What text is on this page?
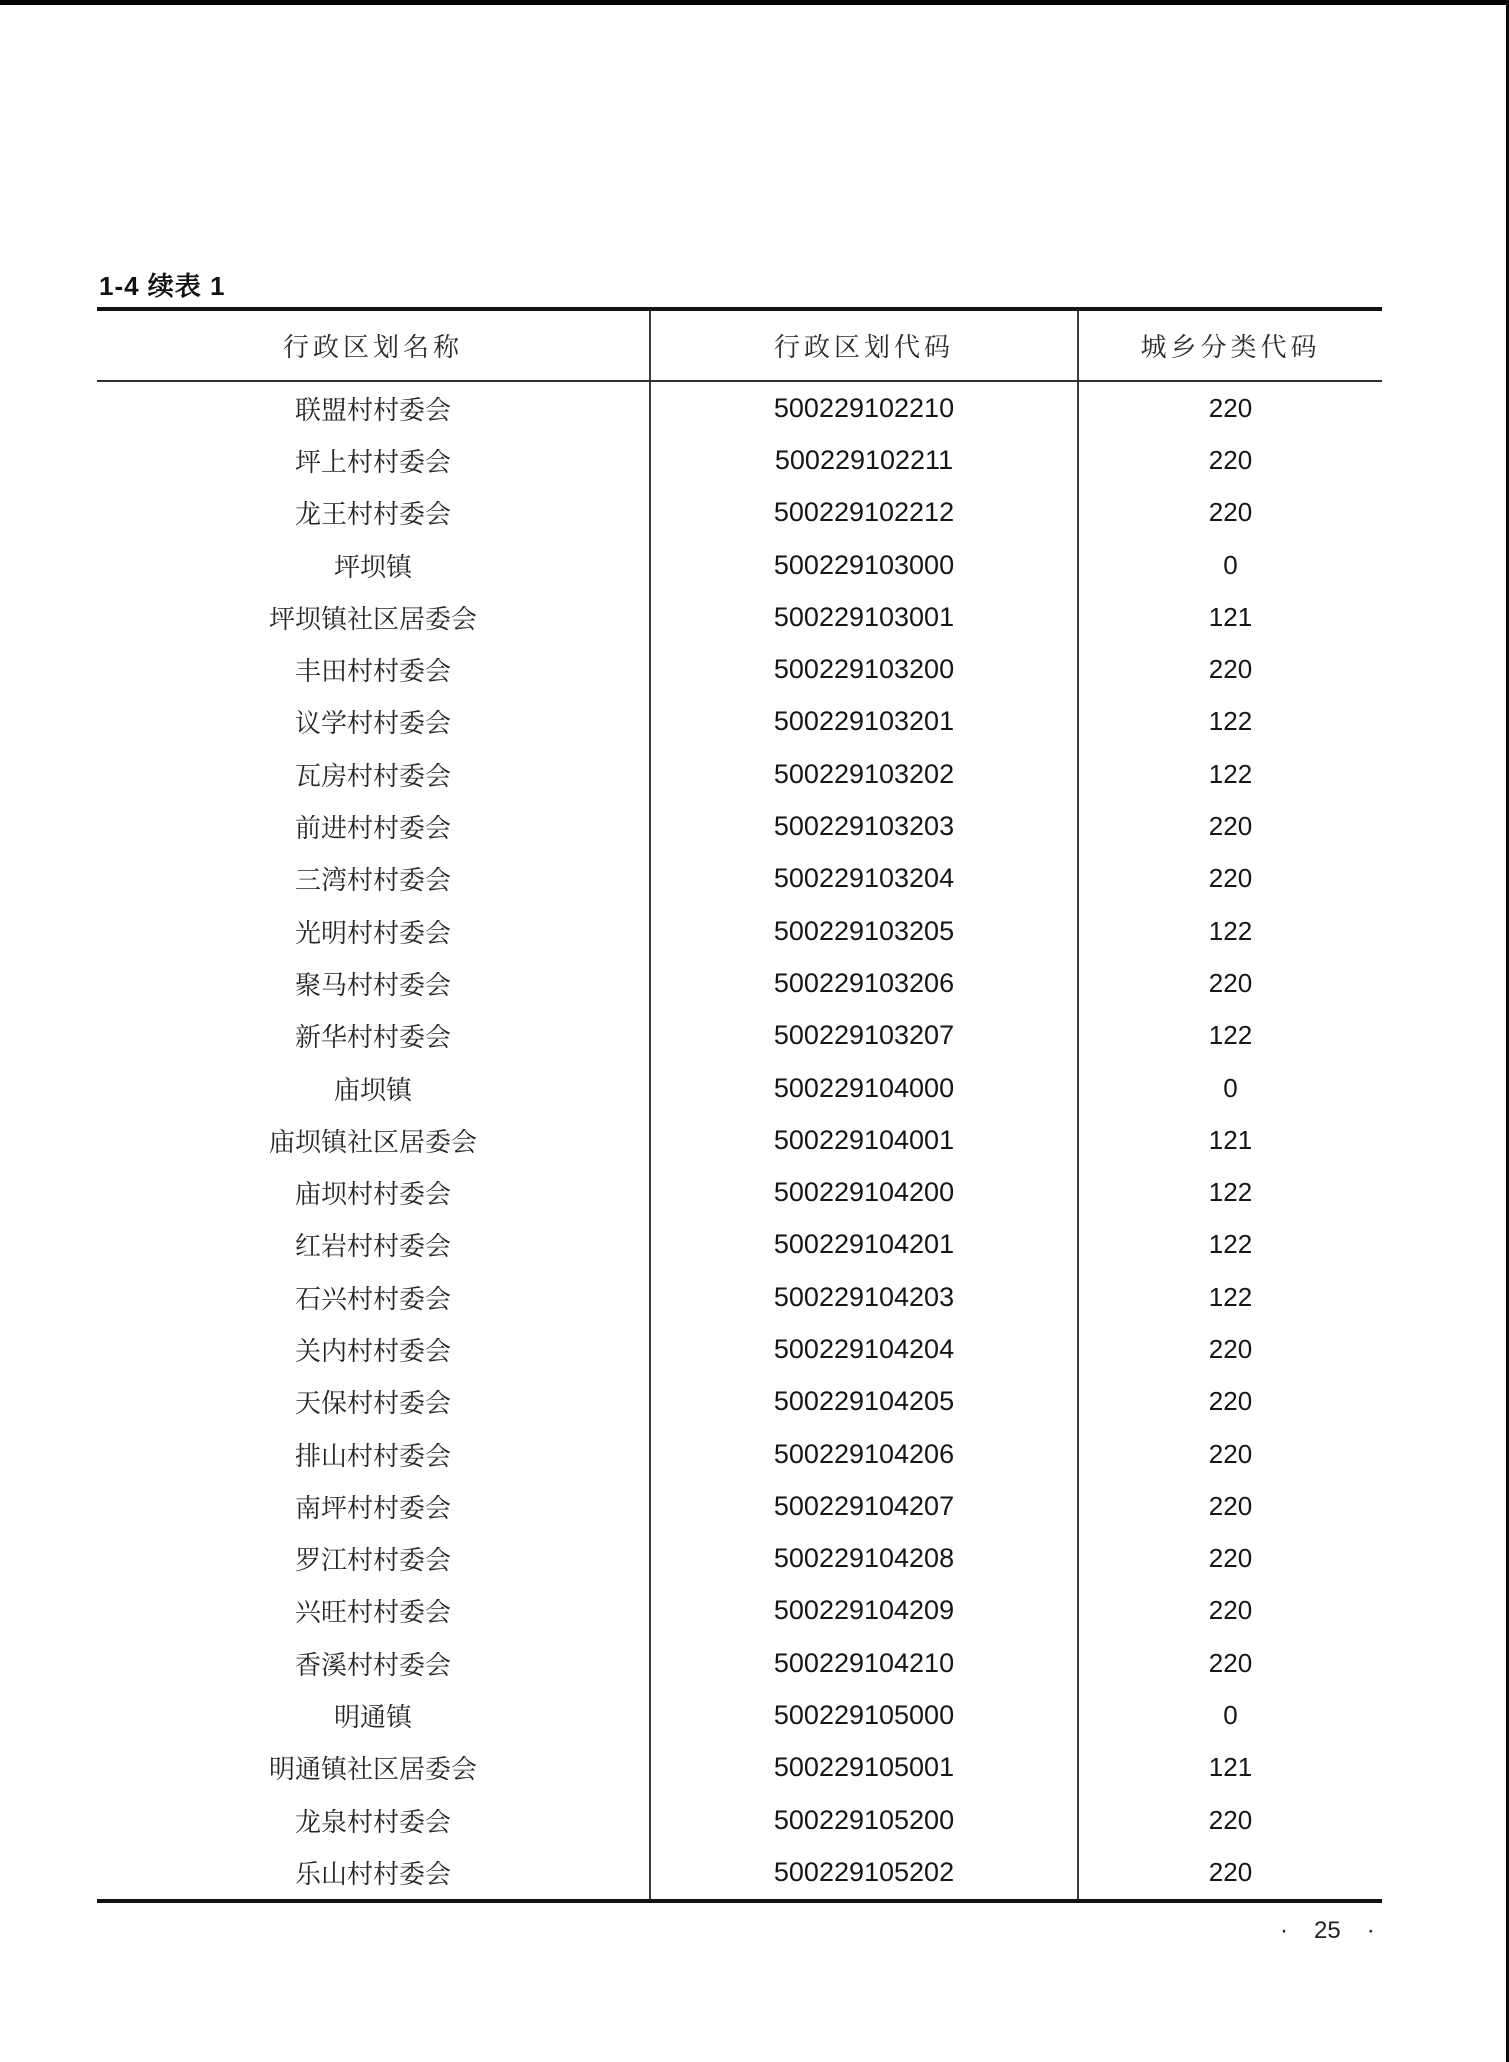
1-4 续表 1
行政区划名称	行政区划代码	城乡分类代码
联盟村村委会	500229102210	220
坪上村村委会	500229102211	220
龙王村村委会	500229102212	220
坪坝镇	500229103000	0
坪坝镇社区居委会	500229103001	121
丰田村村委会	500229103200	220
议学村村委会	500229103201	122
瓦房村村委会	500229103202	122
前进村村委会	500229103203	220
三湾村村委会	500229103204	220
光明村村委会	500229103205	122
聚马村村委会	500229103206	220
新华村村委会	500229103207	122
庙坝镇	500229104000	0
庙坝镇社区居委会	500229104001	121
庙坝村村委会	500229104200	122
红岩村村委会	500229104201	122
石兴村村委会	500229104203	122
关内村村委会	500229104204	220
天保村村委会	500229104205	220
排山村村委会	500229104206	220
南坪村村委会	500229104207	220
罗江村村委会	500229104208	220
兴旺村村委会	500229104209	220
香溪村村委会	500229104210	220
明通镇	500229105000	0
明通镇社区居委会	500229105001	121
龙泉村村委会	500229105200	220
乐山村村委会	500229105202	220
· 25 ·
